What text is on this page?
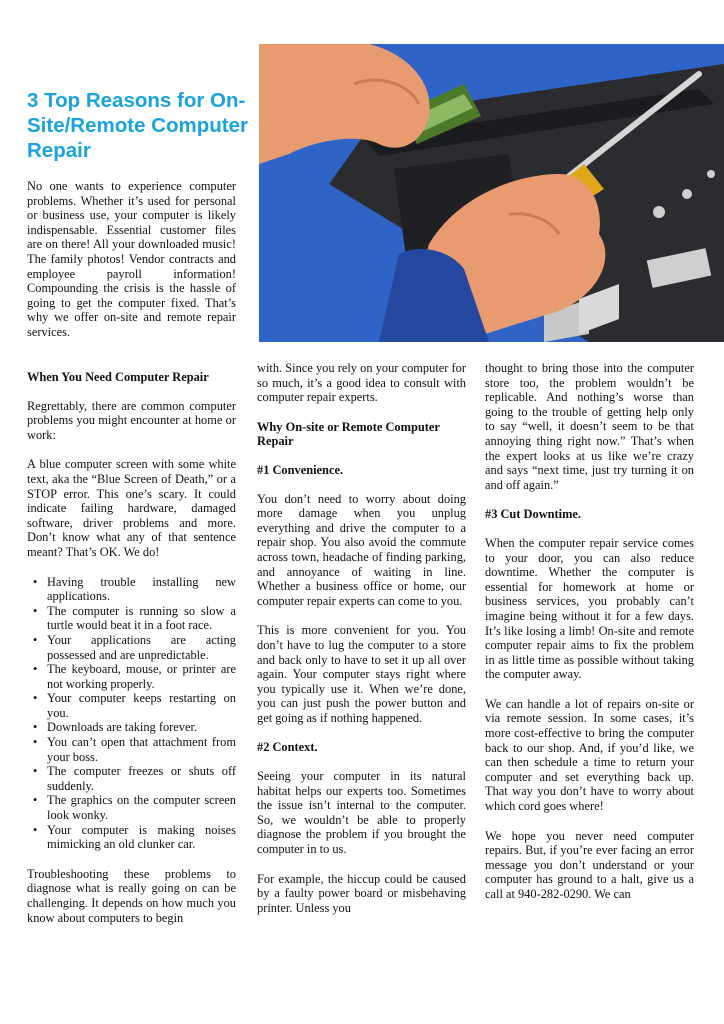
3 Top Reasons for On-Site/Remote Computer Repair

No one wants to experience computer problems. Whether it’s used for personal or business use, your computer is likely indispensable. Essential customer files are on there! All your downloaded music! The family photos! Vendor contracts and employee payroll information! Compounding the crisis is the hassle of going to get the computer fixed. That’s why we offer on-site and remote repair services.

When You Need Computer Repair

Regrettably, there are common computer problems you might encounter at home or work:

A blue computer screen with some white text, aka the “Blue Screen of Death,” or a STOP error. This one’s scary. It could indicate failing hardware, damaged software, driver problems and more. Don’t know what any of that sentence meant? That’s OK. We do!

• Having trouble installing new applications.
• The computer is running so slow a turtle would beat it in a foot race.
• Your applications are acting possessed and are unpredictable.
• The keyboard, mouse, or printer are not working properly.
• Your computer keeps restarting on you.
• Downloads are taking forever.
• You can’t open that attachment from your boss.
• The computer freezes or shuts off suddenly.
• The graphics on the computer screen look wonky.
• Your computer is making noises mimicking an old clunker car.

Troubleshooting these problems to diagnose what is really going on can be challenging. It depends on how much you know about computers to begin

with. Since you rely on your computer for so much, it’s a good idea to consult with computer repair experts.

Why On-site or Remote Computer Repair
#1 Convenience.

You don’t need to worry about doing more damage when you unplug everything and drive the computer to a repair shop. You also avoid the commute across town, headache of finding parking, and annoyance of waiting in line. Whether a business office or home, our computer repair experts can come to you.

This is more convenient for you. You don’t have to lug the computer to a store and back only to have to set it up all over again. Your computer stays right where you typically use it. When we’re done, you can just push the power button and get going as if nothing happened.

#2 Context.

Seeing your computer in its natural habitat helps our experts too. Sometimes the issue isn’t internal to the computer. So, we wouldn’t be able to properly diagnose the problem if you brought the computer in to us.

For example, the hiccup could be caused by a faulty power board or misbehaving printer. Unless you

thought to bring those into the computer store too, the problem wouldn’t be replicable. And nothing’s worse than going to the trouble of getting help only to say “well, it doesn’t seem to be that annoying thing right now.” That’s when the expert looks at us like we’re crazy and says “next time, just try turning it on and off again.”

#3 Cut Downtime.

When the computer repair service comes to your door, you can also reduce downtime. Whether the computer is essential for homework at home or business services, you probably can’t imagine being without it for a few days. It’s like losing a limb! On-site and remote computer repair aims to fix the problem in as little time as possible without taking the computer away.

We can handle a lot of repairs on-site or via remote session. In some cases, it’s more cost-effective to bring the computer back to our shop. And, if you’d like, we can then schedule a time to return your computer and set everything back up. That way you don’t have to worry about which cord goes where!

We hope you never need computer repairs. But, if you’re ever facing an error message you don’t understand or your computer has ground to a halt, give us a call at 940-282-0290. We can
